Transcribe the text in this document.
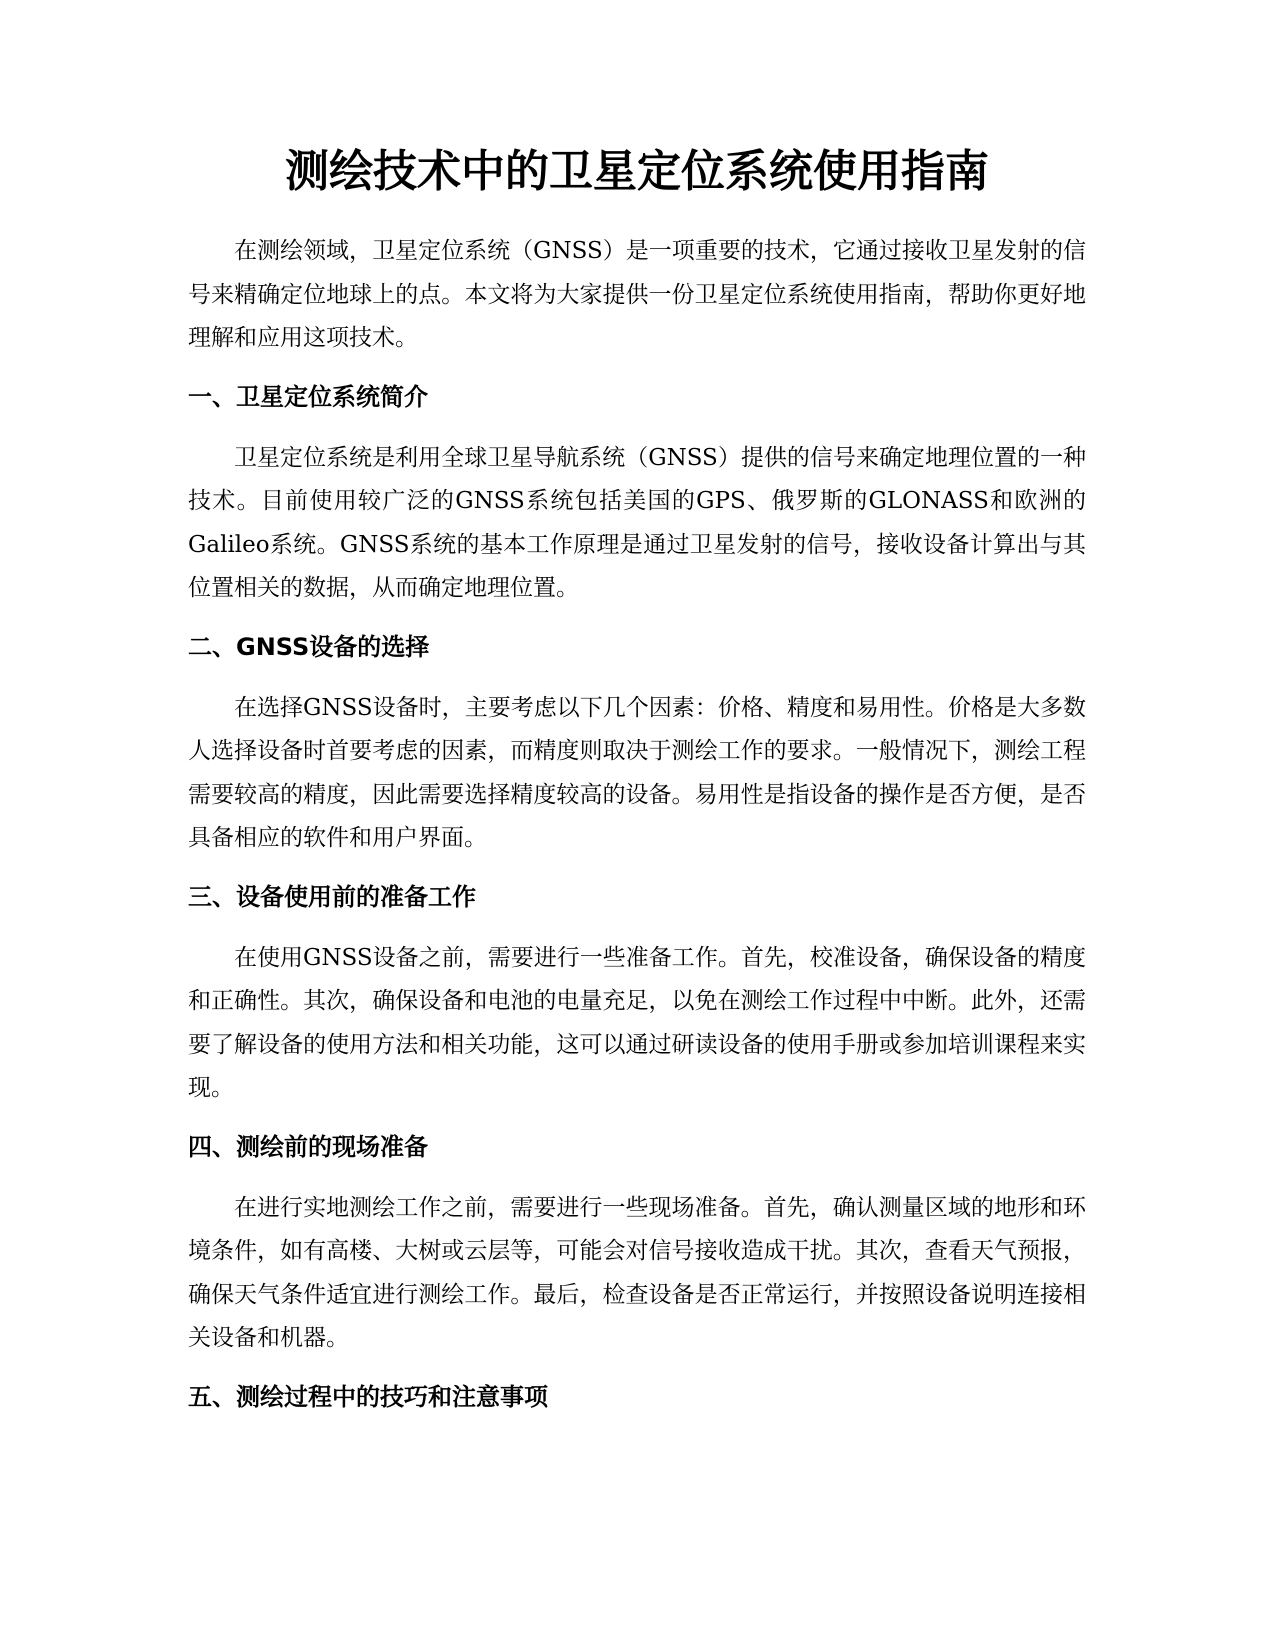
测绘技术中的卫星定位系统使用指南

在测绘领域，卫星定位系统（GNSS）是一项重要的技术，它通过接收卫星发射的信号来精确定位地球上的点。本文将为大家提供一份卫星定位系统使用指南，帮助你更好地理解和应用这项技术。

一、卫星定位系统简介

卫星定位系统是利用全球卫星导航系统（GNSS）提供的信号来确定地理位置的一种技术。目前使用较广泛的GNSS系统包括美国的GPS、俄罗斯的GLONASS和欧洲的Galileo系统。GNSS系统的基本工作原理是通过卫星发射的信号，接收设备计算出与其位置相关的数据，从而确定地理位置。

二、GNSS设备的选择

在选择GNSS设备时，主要考虑以下几个因素：价格、精度和易用性。价格是大多数人选择设备时首要考虑的因素，而精度则取决于测绘工作的要求。一般情况下，测绘工程需要较高的精度，因此需要选择精度较高的设备。易用性是指设备的操作是否方便，是否具备相应的软件和用户界面。

三、设备使用前的准备工作

在使用GNSS设备之前，需要进行一些准备工作。首先，校准设备，确保设备的精度和正确性。其次，确保设备和电池的电量充足，以免在测绘工作过程中中断。此外，还需要了解设备的使用方法和相关功能，这可以通过研读设备的使用手册或参加培训课程来实现。

四、测绘前的现场准备

在进行实地测绘工作之前，需要进行一些现场准备。首先，确认测量区域的地形和环境条件，如有高楼、大树或云层等，可能会对信号接收造成干扰。其次，查看天气预报，确保天气条件适宜进行测绘工作。最后，检查设备是否正常运行，并按照设备说明连接相关设备和机器。

五、测绘过程中的技巧和注意事项
